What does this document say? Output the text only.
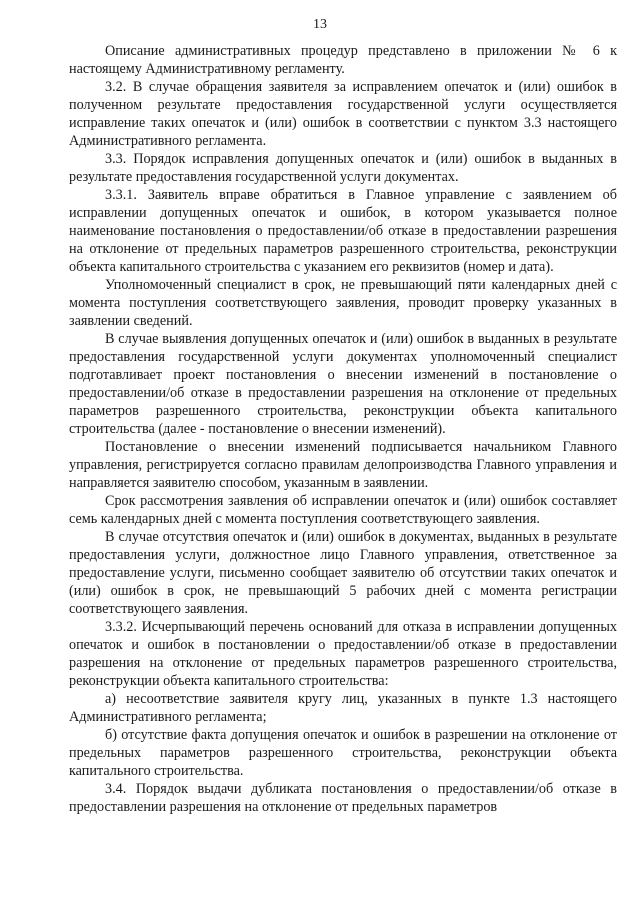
13

Описание административных процедур представлено в приложении № 6 к настоящему Административному регламенту.

3.2. В случае обращения заявителя за исправлением опечаток и (или) ошибок в полученном результате предоставления государственной услуги осуществляется исправление таких опечаток и (или) ошибок в соответствии с пунктом 3.3 настоящего Административного регламента.

3.3. Порядок исправления допущенных опечаток и (или) ошибок в выданных в результате предоставления государственной услуги документах.

3.3.1. Заявитель вправе обратиться в Главное управление с заявлением об исправлении допущенных опечаток и ошибок, в котором указывается полное наименование постановления о предоставлении/об отказе в предоставлении разрешения на отклонение от предельных параметров разрешенного строительства, реконструкции объекта капитального строительства с указанием его реквизитов (номер и дата).

Уполномоченный специалист в срок, не превышающий пяти календарных дней с момента поступления соответствующего заявления, проводит проверку указанных в заявлении сведений.

В случае выявления допущенных опечаток и (или) ошибок в выданных в результате предоставления государственной услуги документах уполномоченный специалист подготавливает проект постановления о внесении изменений в постановление о предоставлении/об отказе в предоставлении разрешения на отклонение от предельных параметров разрешенного строительства, реконструкции объекта капитального строительства (далее - постановление о внесении изменений).

Постановление о внесении изменений подписывается начальником Главного управления, регистрируется согласно правилам делопроизводства Главного управления и направляется заявителю способом, указанным в заявлении.

Срок рассмотрения заявления об исправлении опечаток и (или) ошибок составляет семь календарных дней с момента поступления соответствующего заявления.

В случае отсутствия опечаток и (или) ошибок в документах, выданных в результате предоставления услуги, должностное лицо Главного управления, ответственное за предоставление услуги, письменно сообщает заявителю об отсутствии таких опечаток и (или) ошибок в срок, не превышающий 5 рабочих дней с момента регистрации соответствующего заявления.

3.3.2. Исчерпывающий перечень оснований для отказа в исправлении допущенных опечаток и ошибок в постановлении о предоставлении/об отказе в предоставлении разрешения на отклонение от предельных параметров разрешенного строительства, реконструкции объекта капитального строительства:

а) несоответствие заявителя кругу лиц, указанных в пункте 1.3 настоящего Административного регламента;

б) отсутствие факта допущения опечаток и ошибок в разрешении на отклонение от предельных параметров разрешенного строительства, реконструкции объекта капитального строительства.

3.4. Порядок выдачи дубликата постановления о предоставлении/об отказе в предоставлении разрешения на отклонение от предельных параметров
